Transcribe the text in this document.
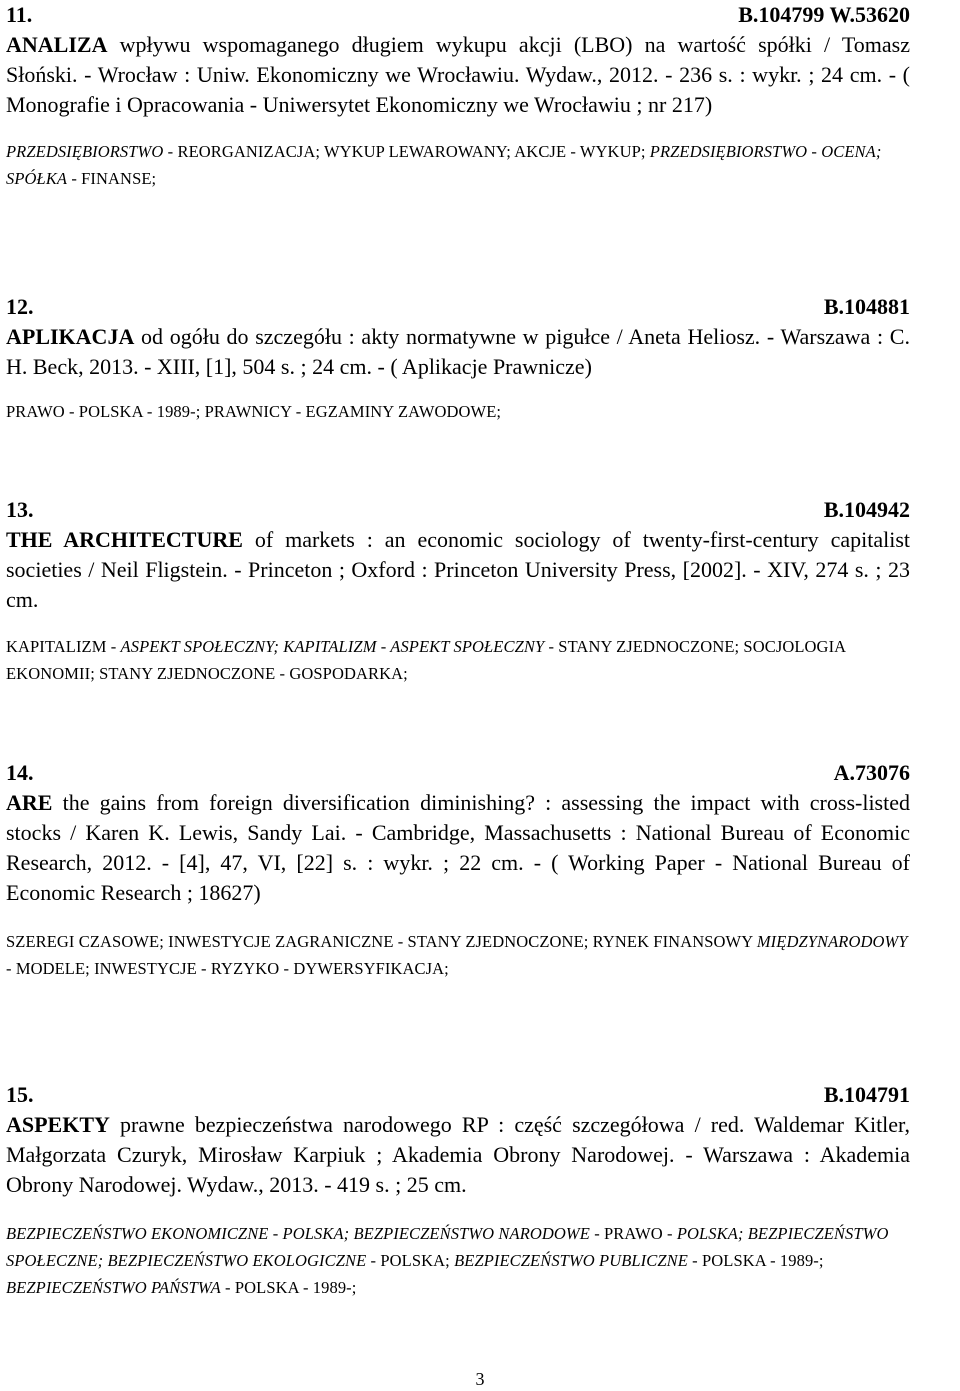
11.	B.104799 W.53620

ANALIZA wpływu wspomaganego długiem wykupu akcji (LBO) na wartość spółki / Tomasz Słoński. - Wrocław : Uniw. Ekonomiczny we Wrocławiu. Wydaw., 2012. - 236 s. : wykr. ; 24 cm. - ( Monografie i Opracowania - Uniwersytet Ekonomiczny we Wrocławiu ; nr 217)

PRZEDSIĘBIORSTWO - REORGANIZACJA; WYKUP LEWAROWANY; AKCJE - WYKUP; PRZEDSIĘBIORSTWO - OCENA; SPÓŁKA - FINANSE;

12.	B.104881

APLIKACJA od ogółu do szczegółu : akty normatywne w pigułce / Aneta Heliosz. - Warszawa : C. H. Beck, 2013. - XIII, [1], 504 s. ; 24 cm. - ( Aplikacje Prawnicze)

PRAWO - POLSKA - 1989-; PRAWNICY - EGZAMINY ZAWODOWE;

13.	B.104942

THE ARCHITECTURE of markets : an economic sociology of twenty-first-century capitalist societies / Neil Fligstein. - Princeton ; Oxford : Princeton University Press, [2002]. - XIV, 274 s. ; 23 cm.

KAPITALIZM - ASPEKT SPOŁECZNY; KAPITALIZM - ASPEKT SPOŁECZNY - STANY ZJEDNOCZONE; SOCJOLOGIA EKONOMII; STANY ZJEDNOCZONE - GOSPODARKA;

14.	A.73076

ARE the gains from foreign diversification diminishing? : assessing the impact with cross-listed stocks / Karen K. Lewis, Sandy Lai. - Cambridge, Massachusetts : National Bureau of Economic Research, 2012. - [4], 47, VI, [22] s. : wykr. ; 22 cm. - ( Working Paper - National Bureau of Economic Research ; 18627)

SZEREGI CZASOWE; INWESTYCJE ZAGRANICZNE - STANY ZJEDNOCZONE; RYNEK FINANSOWY MIĘDZYNARODOWY - MODELE; INWESTYCJE - RYZYKO - DYWERSYFIKACJA;

15.	B.104791

ASPEKTY prawne bezpieczeństwa narodowego RP : część szczegółowa / red. Waldemar Kitler, Małgorzata Czuryk, Mirosław Karpiuk ; Akademia Obrony Narodowej. - Warszawa : Akademia Obrony Narodowej. Wydaw., 2013. - 419 s. ; 25 cm.

BEZPIECZEŃSTWO EKONOMICZNE - POLSKA; BEZPIECZEŃSTWO NARODOWE - PRAWO - POLSKA; BEZPIECZEŃSTWO SPOŁECZNE; BEZPIECZEŃSTWO EKOLOGICZNE - POLSKA; BEZPIECZEŃSTWO PUBLICZNE - POLSKA - 1989-; BEZPIECZEŃSTWO PAŃSTWA - POLSKA - 1989-;

3
